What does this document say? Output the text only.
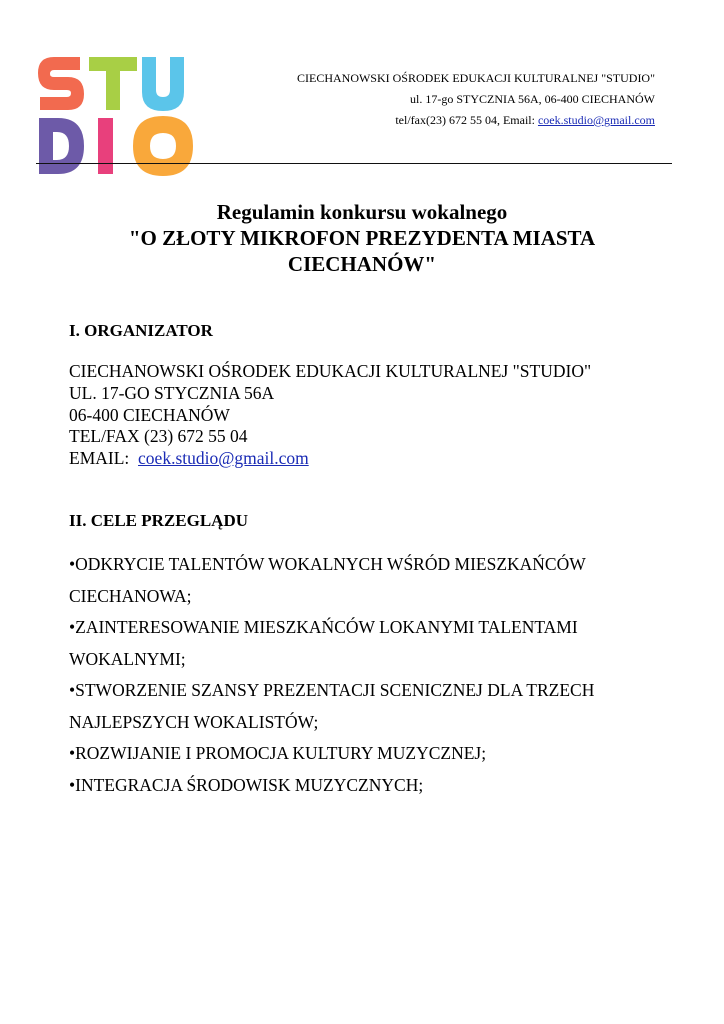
CIECHANOWSKI OŚRODEK EDUKACJI KULTURALNEJ "STUDIO"
ul. 17-go STYCZNIA 56A, 06-400 CIECHANÓW
tel/fax(23) 672 55 04, Email: coek.studio@gmail.com
Regulamin konkursu wokalnego
"O ZŁOTY MIKROFON PREZYDENTA MIASTA CIECHANÓW"
I. ORGANIZATOR
CIECHANOWSKI OŚRODEK EDUKACJI KULTURALNEJ "STUDIO"
UL. 17-GO STYCZNIA 56A
06-400 CIECHANÓW
TEL/FAX (23) 672 55 04
EMAIL:  coek.studio@gmail.com
II. CELE PRZEGLĄDU
•ODKRYCIE TALENTÓW WOKALNYCH WŚRÓD MIESZKAŃCÓW CIECHANOWA;
•ZAINTERESOWANIE MIESZKAŃCÓW LOKANYMI TALENTAMI WOKALNYMI;
•STWORZENIE SZANSY PREZENTACJI SCENICZNEJ DLA TRZECH NAJLEPSZYCH WOKALISTÓW;
•ROZWIJANIE I PROMOCJA KULTURY MUZYCZNEJ;
•INTEGRACJA ŚRODOWISK MUZYCZNYCH;
